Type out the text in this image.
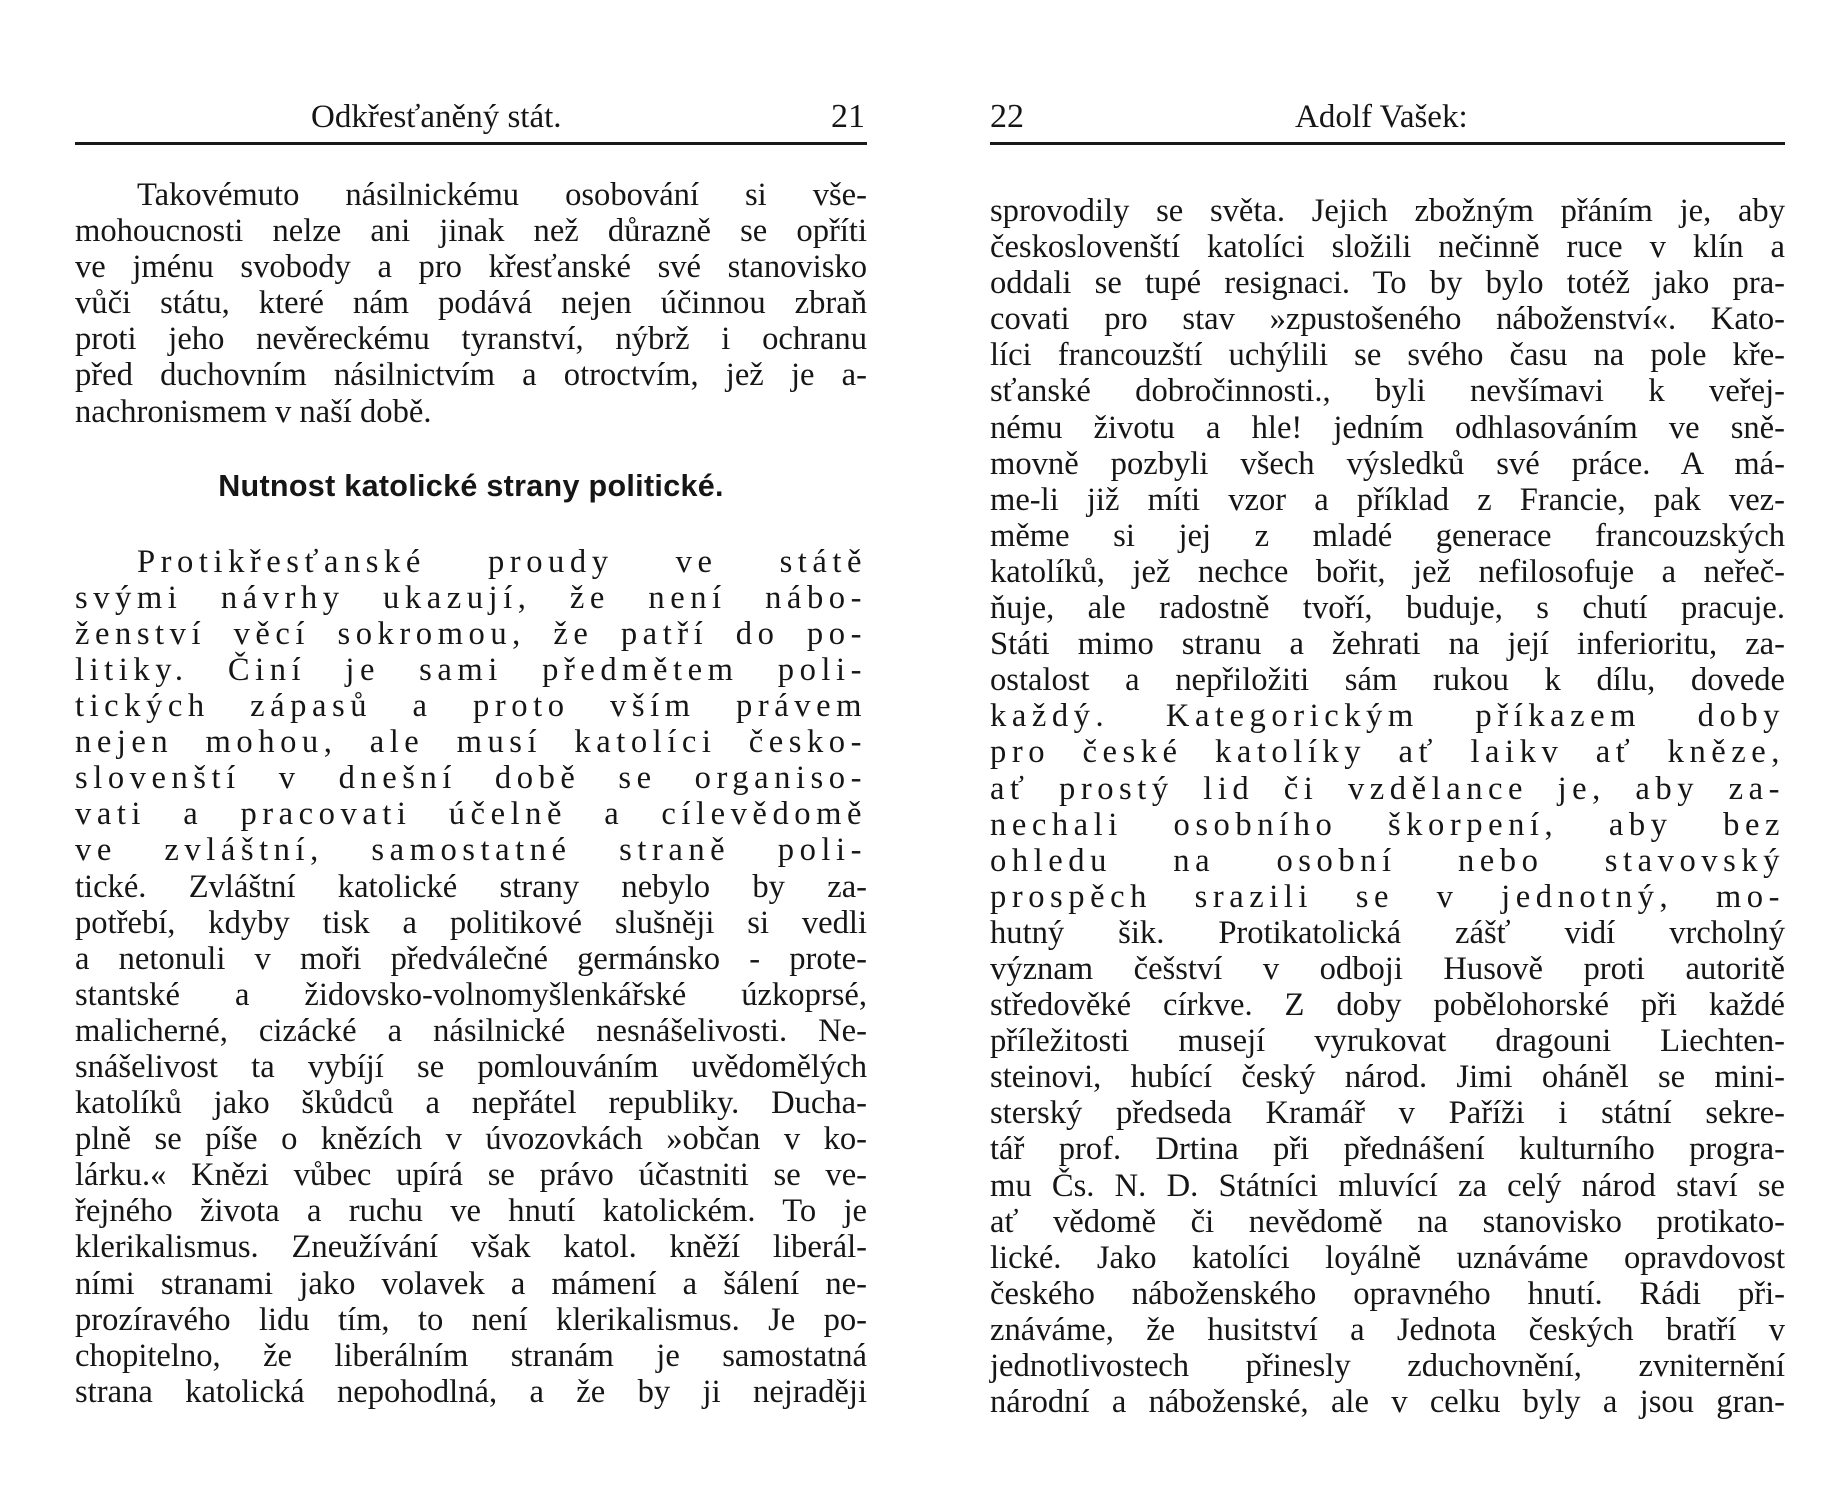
Odkřesťaněný stát.	21
Takovémuto násilnickému osobování si vše-
mohoucnosti nelze ani jinak než důrazně se opříti
ve jménu svobody a pro křesťanské své stanovisko
vůči státu, které nám podává nejen účinnou zbraň
proti jeho nevěreckému tyranství, nýbrž i ochranu
před duchovním násilnictvím a otroctvím, jež je a-
nachronismem v naší době.
Nutnost katolické strany politické.
Protikřesťanské proudy ve státě
svými návrhy ukazují, že není nábo-
ženství věcí sokromou, že patří do po-
litiky. Činí je sami předmětem poli-
tických zápasů a proto vším právem
nejen mohou, ale musí katolíci česko-
slovenští v dnešní době se organiso-
vati a pracovati účelně a cílevědomě
ve zvláštní, samostatné straně poli-
tické. Zvláštní katolické strany nebylo by za-
potřebí, kdyby tisk a politikové slušněji si vedli
a netonuli v moři předválečné germánsko - prote-
stantské a židovsko-volnomyšlenkářské úzkoprsé,
malicherné, cizácké a násilnické nesnášelivosti. Ne-
snášelivost ta vybíjí se pomlouváním uvědomělých
katolíků jako škůdců a nepřátel republiky. Ducha-
plně se píše o knězích v úvozovkách »občan v ko-
lárku.« Knězi vůbec upírá se právo účastniti se ve-
řejného života a ruchu ve hnutí katolickém. To je
klerikalismus. Zneužívání však katol. kněží liberál-
ními stranami jako volavek a mámení a šálení ne-
prozíravého lidu tím, to není klerikalismus. Je po-
chopitelno, že liberálním stranám je samostatná
strana katolická nepohodlná, a že by ji nejraději
22	Adolf Vašek:
sprovodily se světa. Jejich zbožným přáním je, aby
českoslovenští katolíci složili nečinně ruce v klín a
oddali se tupé resignaci. To by bylo totéž jako pra-
covati pro stav »zpustošeného náboženství«. Kato-
líci francouzští uchýlili se svého času na pole kře-
sťanské dobročinnosti., byli nevšímavi k veřej-
nému životu a hle! jedním odhlasováním ve sně-
movně pozbyli všech výsledků své práce. A má-
me-li již míti vzor a příklad z Francie, pak vez-
měme si jej z mladé generace francouzských
katolíků, jež nechce bořit, jež nefilosofuje a neřeč-
ňuje, ale radostně tvoří, buduje, s chutí pracuje.
Státi mimo stranu a žehrati na její inferioritu, za-
ostalost a nepřiložiti sám rukou k dílu, dovede
každý. Kategorickým příkazem doby
pro české katolíky ať laikv ať kněze,
ať prostý lid či vzdělance je, aby za-
nechali osobního škorpení, aby bez
ohledu na osobní nebo stavovský
prospěch srazili se v jednotný, mo-
hutný šik. Protikatolická zášť vidí vrcholný
význam češství v odboji Husově proti autoritě
středověké církve. Z doby pobělohorské při každé
příležitosti musejí vyrukovat dragouni Liechten-
steinovi, hubící český národ. Jimi oháněl se mini-
sterský předseda Kramář v Paříži i státní sekre-
tář prof. Drtina při přednášení kulturního progra-
mu Čs. N. D. Státníci mluvící za celý národ staví se
ať vědomě či nevědomě na stanovisko protikato-
lické. Jako katolíci loyálně uznáváme opravdovost
českého náboženského opravného hnutí. Rádi při-
znáváme, že husitství a Jednota českých bratří v
jednotlivostech přinesly zduchovnění, zvniternění
národní a náboženské, ale v celku byly a jsou gran-
